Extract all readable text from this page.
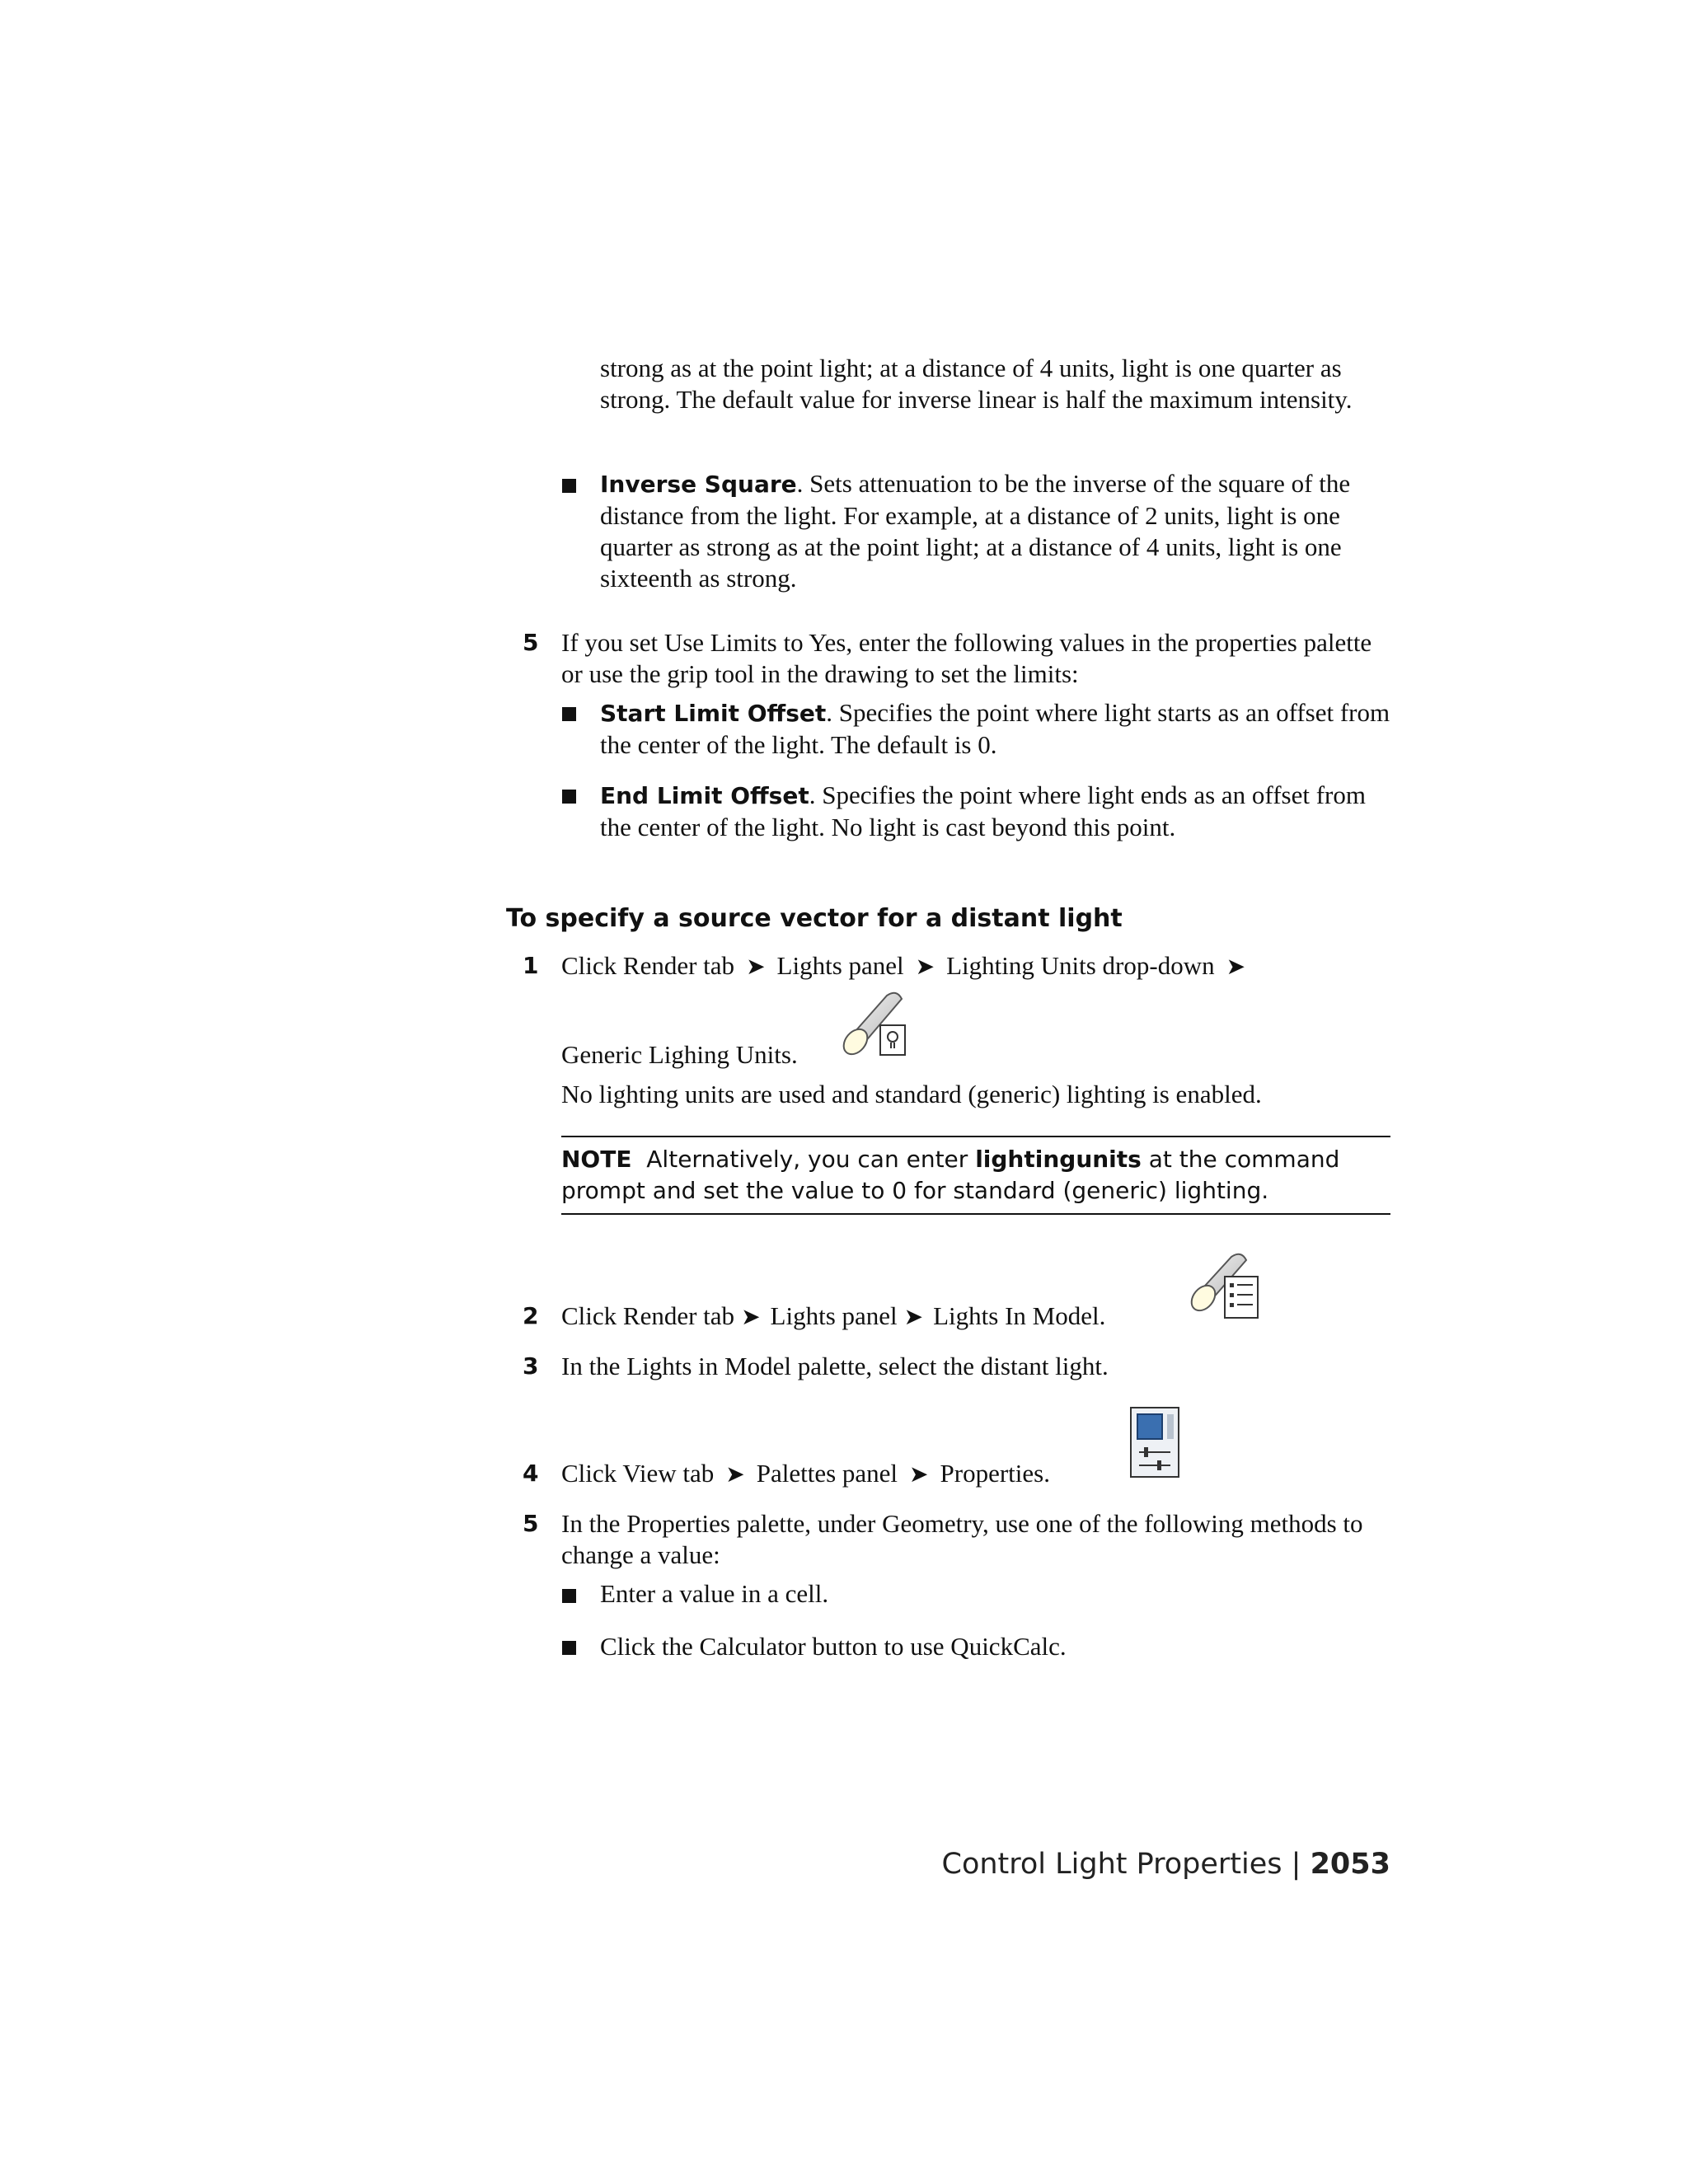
strong as at the point light; at a distance of 4 units, light is one quarter as strong. The default value for inverse linear is half the maximum intensity.
Inverse Square. Sets attenuation to be the inverse of the square of the distance from the light. For example, at a distance of 2 units, light is one quarter as strong as at the point light; at a distance of 4 units, light is one sixteenth as strong.
5 If you set Use Limits to Yes, enter the following values in the properties palette or use the grip tool in the drawing to set the limits:
Start Limit Offset. Specifies the point where light starts as an offset from the center of the light. The default is 0.
End Limit Offset. Specifies the point where light ends as an offset from the center of the light. No light is cast beyond this point.
To specify a source vector for a distant light
1 Click Render tab ➤ Lights panel ➤ Lighting Units drop-down ➤
Generic Lighing Units.
No lighting units are used and standard (generic) lighting is enabled.
NOTE Alternatively, you can enter lightingunits at the command prompt and set the value to 0 for standard (generic) lighting.
2 Click Render tab ➤ Lights panel ➤ Lights In Model.
3 In the Lights in Model palette, select the distant light.
4 Click View tab ➤ Palettes panel ➤ Properties.
5 In the Properties palette, under Geometry, use one of the following methods to change a value:
Enter a value in a cell.
Click the Calculator button to use QuickCalc.
Control Light Properties | 2053
